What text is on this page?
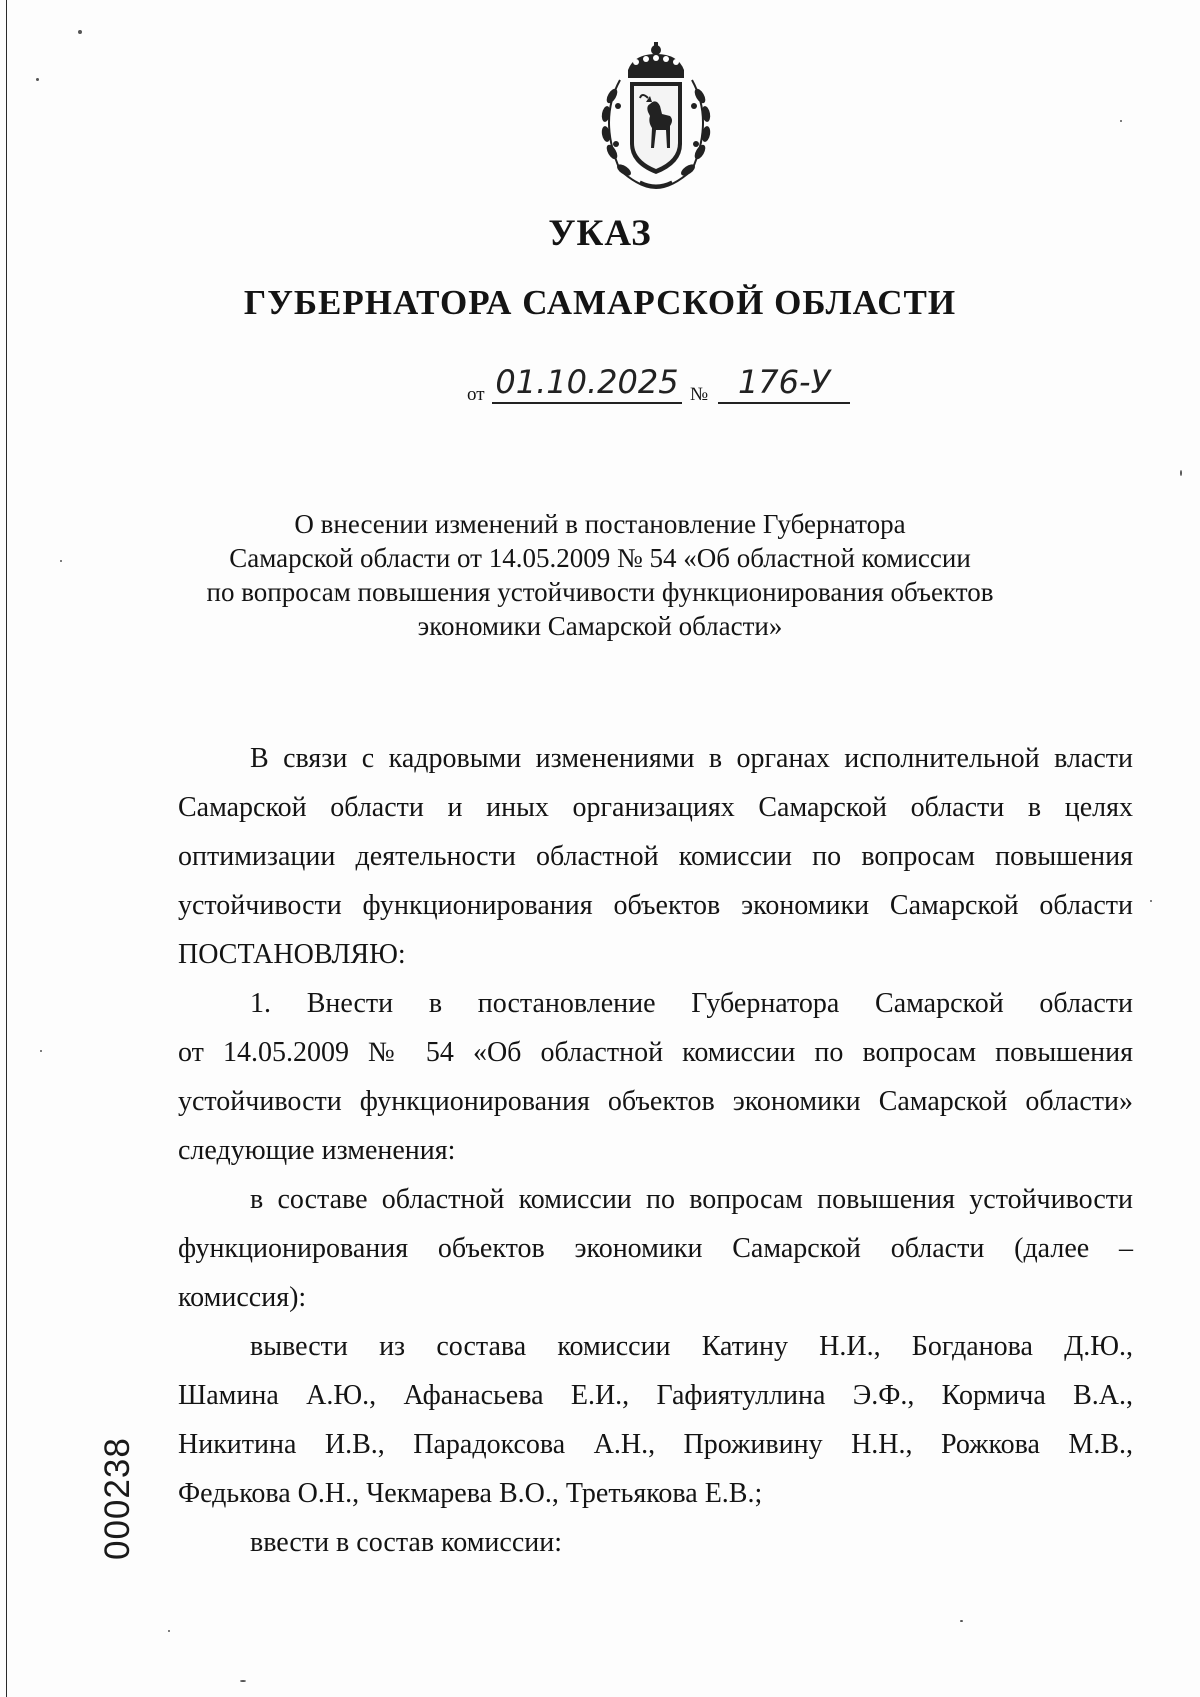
УКАЗ
ГУБЕРНАТОРА САМАРСКОЙ ОБЛАСТИ
от 01.10.2025 № 176-У
О внесении изменений в постановление Губернатора
Самарской области от 14.05.2009 № 54 «Об областной комиссии
по вопросам повышения устойчивости функционирования объектов
экономики Самарской области»
В связи с кадровыми изменениями в органах исполнительной власти
Самарской области и иных организациях Самарской области в целях
оптимизации деятельности областной комиссии по вопросам повышения
устойчивости функционирования объектов экономики Самарской области
ПОСТАНОВЛЯЮ:
1. Внести в постановление Губернатора Самарской области
от 14.05.2009 № 54 «Об областной комиссии по вопросам повышения
устойчивости функционирования объектов экономики Самарской области»
следующие изменения:
в составе областной комиссии по вопросам повышения устойчивости
функционирования объектов экономики Самарской области (далее –
комиссия):
вывести из состава комиссии Катину Н.И., Богданова Д.Ю.,
Шамина А.Ю., Афанасьева Е.И., Гафиятуллина Э.Ф., Кормича В.А.,
Никитина И.В., Парадоксова А.Н., Проживину Н.Н., Рожкова М.В.,
Федькова О.Н., Чекмарева В.О., Третьякова Е.В.;
ввести в состав комиссии:
000238
